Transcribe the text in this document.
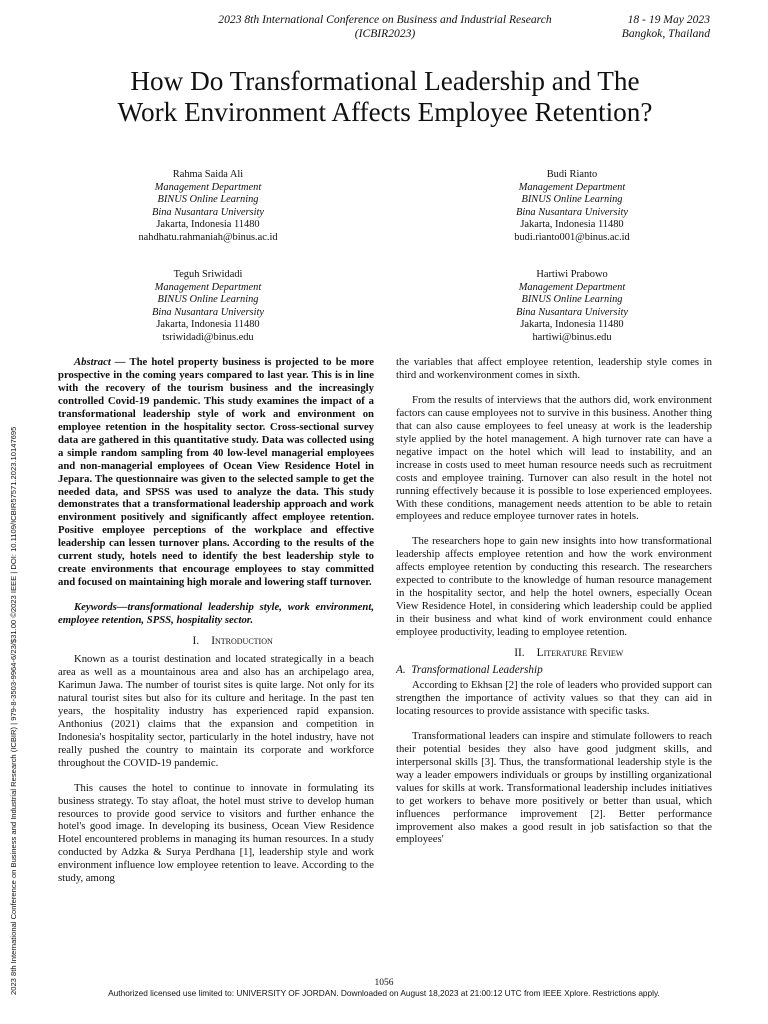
2023 8th International Conference on Business and Industrial Research
(ICBIR2023)
18 - 19 May 2023
Bangkok, Thailand
How Do Transformational Leadership and The
Work Environment Affects Employee Retention?
Rahma Saida Ali
Management Department
BINUS Online Learning
Bina Nusantara University
Jakarta, Indonesia 11480
nahdhatu.rahmaniah@binus.ac.id
Budi Rianto
Management Department
BINUS Online Learning
Bina Nusantara University
Jakarta, Indonesia 11480
budi.rianto001@binus.ac.id
Teguh Sriwidadi
Management Department
BINUS Online Learning
Bina Nusantara University
Jakarta, Indonesia 11480
tsriwidadi@binus.edu
Hartiwi Prabowo
Management Department
BINUS Online Learning
Bina Nusantara University
Jakarta, Indonesia 11480
hartiwi@binus.edu

Abstract — The hotel property business is projected to be more prospective in the coming years compared to last year. This is in line with the recovery of the tourism business and the increasingly controlled Covid-19 pandemic. This study examines the impact of a transformational leadership style of work and environment on employee retention in the hospitality sector. Cross-sectional survey data are gathered in this quantitative study. Data was collected using a simple random sampling from 40 low-level managerial employees and non-managerial employees of Ocean View Residence Hotel in Jepara. The questionnaire was given to the selected sample to get the needed data, and SPSS was used to analyze the data. This study demonstrates that a transformational leadership approach and work environment positively and significantly affect employee retention. Positive employee perceptions of the workplace and effective leadership can lessen turnover plans. According to the results of the current study, hotels need to identify the best leadership style to create environments that encourage employees to stay committed and focused on maintaining high morale and lowering staff turnover.

Keywords—transformational leadership style, work environment, employee retention, SPSS, hospitality sector.

I. Introduction

Known as a tourist destination and located strategically in a beach area as well as a mountainous area and also has an archipelago area, Karimun Jawa. The number of tourist sites is quite large. Not only for its natural tourist sites but also for its culture and heritage. In the past ten years, the hospitality industry has experienced rapid expansion. Anthonius (2021) claims that the expansion and competition in Indonesia's hospitality sector, particularly in the hotel industry, have not really pushed the country to maintain its corporate and workforce throughout the COVID-19 pandemic.

This causes the hotel to continue to innovate in formulating its business strategy. To stay afloat, the hotel must strive to develop human resources to provide good service to visitors and further enhance the hotel's good image. In developing its business, Ocean View Residence Hotel encountered problems in managing its human resources. In a study conducted by Adzka & Surya Perdhana [1], leadership style and work environment influence low employee retention to leave. According to the study, among

the variables that affect employee retention, leadership style comes in third and workenvironment comes in sixth.

From the results of interviews that the authors did, work environment factors can cause employees not to survive in this business. Another thing that can also cause employees to feel uneasy at work is the leadership style applied by the hotel management. A high turnover rate can have a negative impact on the hotel which will lead to instability, and an increase in costs used to meet human resource needs such as recruitment costs and employee training. Turnover can also result in the hotel not running effectively because it is possible to lose experienced employees. With these conditions, management needs attention to be able to retain employees and reduce employee turnover rates in hotels.

The researchers hope to gain new insights into how transformational leadership affects employee retention and how the work environment affects employee retention by conducting this research. The researchers expected to contribute to the knowledge of human resource management in the hospitality sector, and help the hotel owners, especially Ocean View Residence Hotel, in considering which leadership could be applied in their business and what kind of work environment could enhance employee productivity, leading to employee retention.

II. Literature Review

A. Transformational Leadership

According to Ekhsan [2] the role of leaders who provided support can strengthen the importance of activity values so that they can aid in locating resources to provide assistance with specific tasks.

Transformational leaders can inspire and stimulate followers to reach their potential besides they also have good judgment skills, and interpersonal skills [3]. Thus, the transformational leadership style is the way a leader empowers individuals or groups by instilling organizational values for skills at work. Transformational leadership includes initiatives to get workers to behave more positively or better than usual, which influences performance improvement [2]. Better performance improvement also makes a good result in job satisfaction so that the employees'

2023 8th International Conference on Business and Industrial Research (ICBIR) | 979-8-3503-9964-6/23/$31.00 ©2023 IEEE | DOI: 10.1109/ICBIR57571.2023.10147695	1056
Authorized licensed use limited to: UNIVERSITY OF JORDAN. Downloaded on August 18,2023 at 21:00:12 UTC from IEEE Xplore. Restrictions apply.
